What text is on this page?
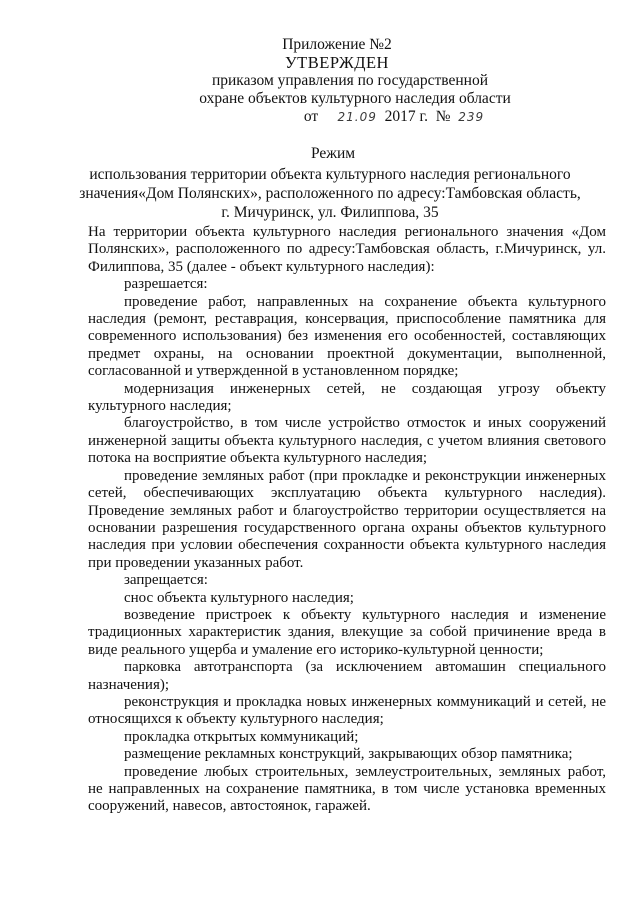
Приложение №2
УТВЕРЖДЕН
приказом управления по государственной
охране объектов культурного наследия области
от 21.09 2017 г. № 239
Режим
использования территории объекта культурного наследия регионального
значения«Дом Полянских», расположенного по адресу:Тамбовская область,
г. Мичуринск, ул. Филиппова, 35
На территории объекта культурного наследия регионального значения «Дом Полянских», расположенного по адресу:Тамбовская область, г.Мичуринск, ул. Филиппова, 35 (далее - объект культурного наследия):
разрешается:
проведение работ, направленных на сохранение объекта культурного наследия (ремонт, реставрация, консервация, приспособление памятника для современного использования) без изменения его особенностей, составляющих предмет охраны, на основании проектной документации, выполненной, согласованной и утвержденной в установленном порядке;
модернизация инженерных сетей, не создающая угрозу объекту культурного наследия;
благоустройство, в том числе устройство отмосток и иных сооружений инженерной защиты объекта культурного наследия, с учетом влияния светового потока на восприятие объекта культурного наследия;
проведение земляных работ (при прокладке и реконструкции инженерных сетей, обеспечивающих эксплуатацию объекта культурного наследия). Проведение земляных работ и благоустройство территории осуществляется на основании разрешения государственного органа охраны объектов культурного наследия при условии обеспечения сохранности объекта культурного наследия при проведении указанных работ.
запрещается:
снос объекта культурного наследия;
возведение пристроек к объекту культурного наследия и изменение традиционных характеристик здания, влекущие за собой причинение вреда в виде реального ущерба и умаление его историко-культурной ценности;
парковка автотранспорта (за исключением автомашин специального назначения);
реконструкция и прокладка новых инженерных коммуникаций и сетей, не относящихся к объекту культурного наследия;
прокладка открытых коммуникаций;
размещение рекламных конструкций, закрывающих обзор памятника;
проведение любых строительных, землеустроительных, земляных работ, не направленных на сохранение памятника, в том числе установка временных сооружений, навесов, автостоянок, гаражей.
